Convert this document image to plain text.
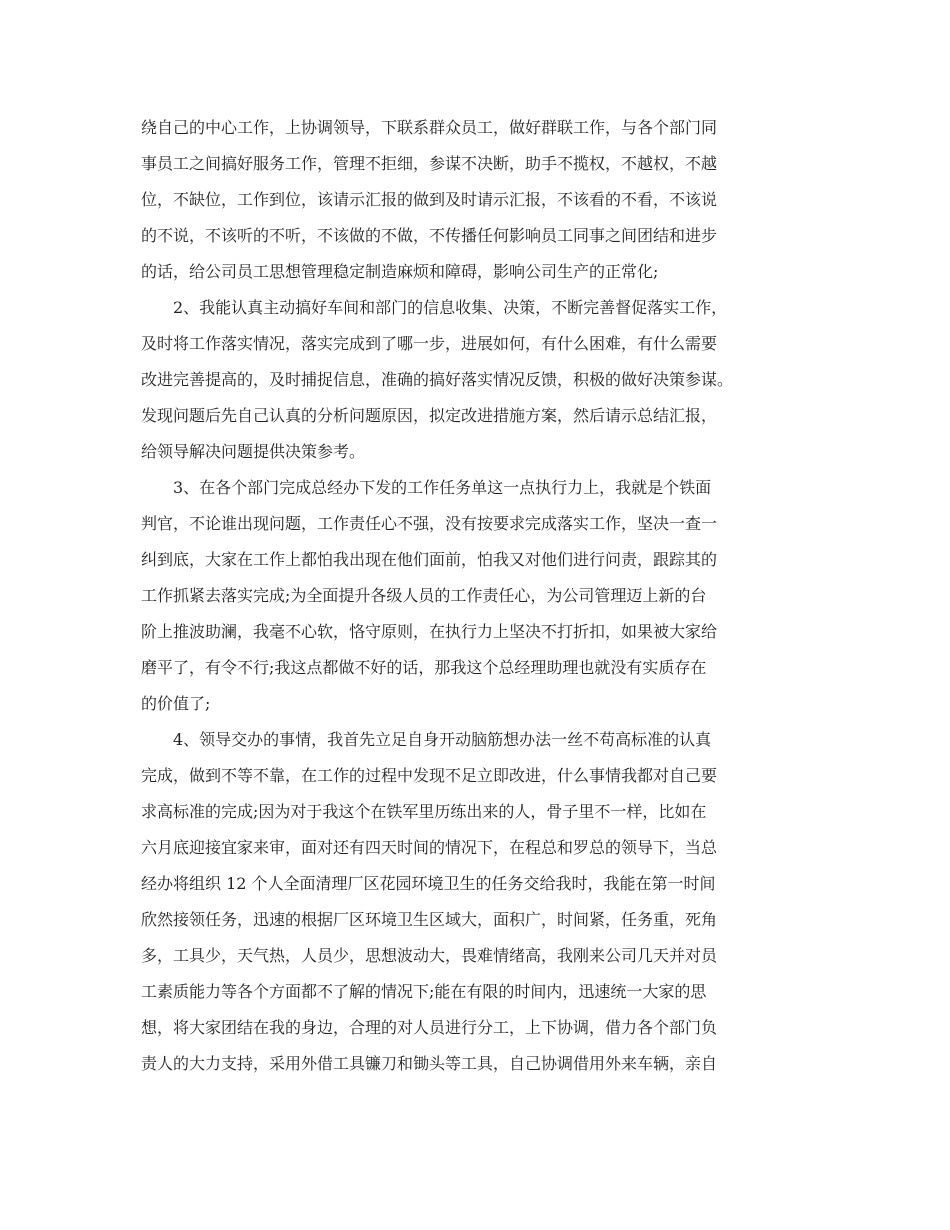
绕自己的中心工作，上协调领导，下联系群众员工，做好群联工作，与各个部门同
事员工之间搞好服务工作，管理不拒细，参谋不决断，助手不揽权，不越权，不越
位，不缺位，工作到位，该请示汇报的做到及时请示汇报，不该看的不看，不该说
的不说，不该听的不听，不该做的不做，不传播任何影响员工同事之间团结和进步
的话，给公司员工思想管理稳定制造麻烦和障碍，影响公司生产的正常化;
2、我能认真主动搞好车间和部门的信息收集、决策，不断完善督促落实工作，
及时将工作落实情况，落实完成到了哪一步，进展如何，有什么困难，有什么需要
改进完善提高的，及时捕捉信息，准确的搞好落实情况反馈，积极的做好决策参谋。
发现问题后先自己认真的分析问题原因，拟定改进措施方案，然后请示总结汇报，
给领导解决问题提供决策参考。
3、在各个部门完成总经办下发的工作任务单这一点执行力上，我就是个铁面
判官，不论谁出现问题，工作责任心不强，没有按要求完成落实工作，坚决一查一
纠到底，大家在工作上都怕我出现在他们面前，怕我又对他们进行问责，跟踪其的
工作抓紧去落实完成;为全面提升各级人员的工作责任心，为公司管理迈上新的台
阶上推波助澜，我毫不心软，恪守原则，在执行力上坚决不打折扣，如果被大家给
磨平了，有令不行;我这点都做不好的话，那我这个总经理助理也就没有实质存在
的价值了;
4、领导交办的事情，我首先立足自身开动脑筋想办法一丝不苟高标准的认真
完成，做到不等不靠，在工作的过程中发现不足立即改进，什么事情我都对自己要
求高标准的完成;因为对于我这个在铁军里历练出来的人，骨子里不一样，比如在
六月底迎接宜家来审，面对还有四天时间的情况下，在程总和罗总的领导下，当总
经办将组织 12 个人全面清理厂区花园环境卫生的任务交给我时，我能在第一时间
欣然接领任务，迅速的根据厂区环境卫生区域大，面积广，时间紧，任务重，死角
多，工具少，天气热，人员少，思想波动大，畏难情绪高，我刚来公司几天并对员
工素质能力等各个方面都不了解的情况下;能在有限的时间内，迅速统一大家的思
想，将大家团结在我的身边，合理的对人员进行分工，上下协调，借力各个部门负
责人的大力支持，采用外借工具镰刀和锄头等工具，自己协调借用外来车辆，亲自
